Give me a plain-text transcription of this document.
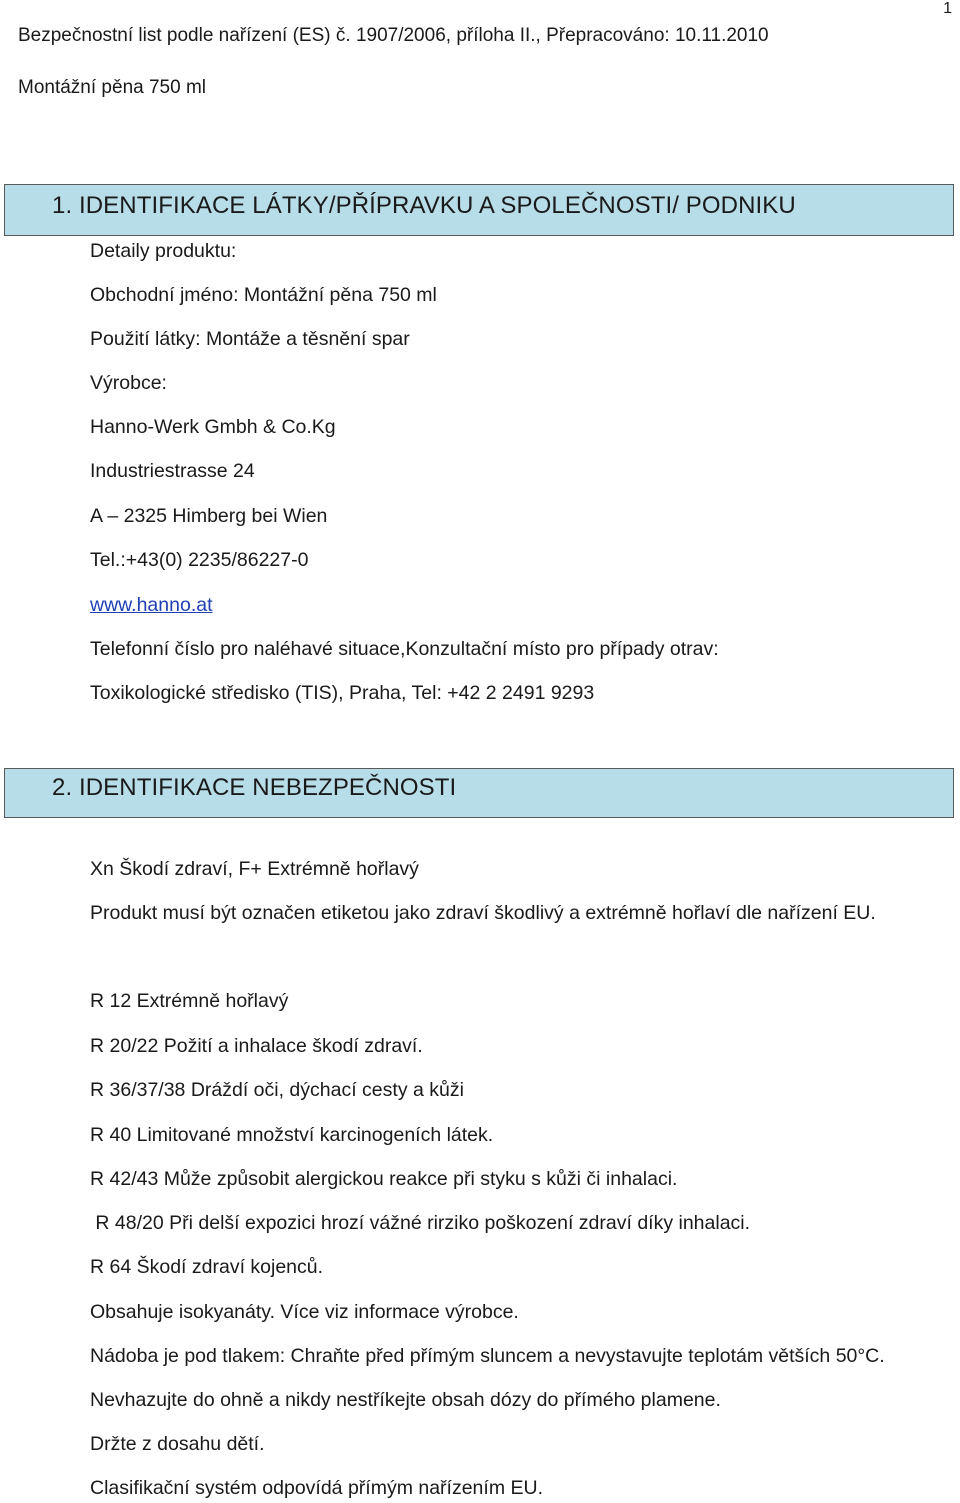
1
Bezpečnostní list podle nařízení (ES) č. 1907/2006, příloha II., Přepracováno: 10.11.2010
Montážní pěna 750 ml
1. IDENTIFIKACE LÁTKY/PŘÍPRAVKU A SPOLEČNOSTI/ PODNIKU
Detaily produktu:
Obchodní jméno: Montážní pěna 750 ml
Použití látky: Montáže a těsnění spar
Výrobce:
Hanno-Werk Gmbh & Co.Kg
Industriestrasse 24
A – 2325 Himberg bei Wien
Tel.:+43(0) 2235/86227-0
www.hanno.at
Telefonní číslo pro naléhavé situace,Konzultační místo pro případy otrav:
Toxikologické středisko (TIS), Praha, Tel: +42 2 2491 9293
2. IDENTIFIKACE NEBEZPEČNOSTI
Xn Škodí zdraví, F+ Extrémně hořlavý
Produkt musí být označen etiketou jako zdraví škodlivý a extrémně hořlaví dle nařízení EU.
R 12 Extrémně hořlavý
R 20/22 Požití a inhalace škodí zdraví.
R 36/37/38 Dráždí oči, dýchací cesty a kůži
R 40 Limitované množství karcinogeních látek.
R 42/43 Může způsobit alergickou reakce při styku s kůži či inhalaci.
R 48/20 Při delší expozici hrozí vážné rirziko poškození zdraví díky inhalaci.
R 64 Škodí zdraví kojenců.
Obsahuje isokyanáty. Více viz informace výrobce.
Nádoba je pod tlakem: Chraňte před přímým sluncem a nevystavujte teplotám větších 50°C.
Nevhazujte do ohně a nikdy nestříkejte obsah dózy do přímého plamene.
Držte z dosahu dětí.
Clasifikační systém odpovídá přímým nařízením EU.
